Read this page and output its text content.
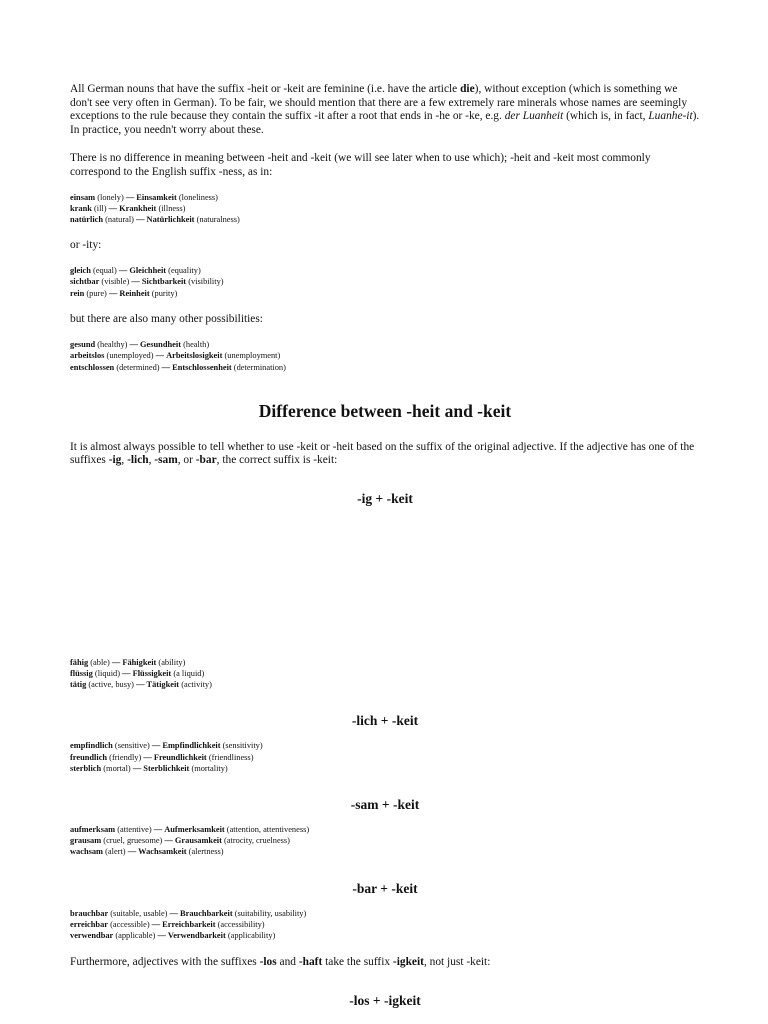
All German nouns that have the suffix -heit or -keit are feminine (i.e. have the article die), without exception (which is something we don't see very often in German). To be fair, we should mention that there are a few extremely rare minerals whose names are seemingly exceptions to the rule because they contain the suffix -it after a root that ends in -he or -ke, e.g. der Luanheit (which is, in fact, Luanhe-it). In practice, you needn't worry about these.

There is no difference in meaning between -heit and -keit (we will see later when to use which); -heit and -keit most commonly correspond to the English suffix -ness, as in:

einsam (lonely) — Einsamkeit (loneliness)
krank (ill) — Krankheit (illness)
natürlich (natural) — Natürlichkeit (naturalness)

or -ity:

gleich (equal) — Gleichheit (equality)
sichtbar (visible) — Sichtbarkeit (visibility)
rein (pure) — Reinheit (purity)

but there are also many other possibilities:

gesund (healthy) — Gesundheit (health)
arbeitslos (unemployed) — Arbeitslosigkeit (unemployment)
entschlossen (determined) — Entschlossenheit (determination)
Difference between -heit and -keit

It is almost always possible to tell whether to use -keit or -heit based on the suffix of the original adjective. If the adjective has one of the suffixes -ig, -lich, -sam, or -bar, the correct suffix is -keit:

-ig + -keit
fähig (able) — Fähigkeit (ability)
flüssig (liquid) — Flüssigkeit (a liquid)
tätig (active, busy) — Tätigkeit (activity)
-lich + -keit
empfindlich (sensitive) — Empfindlichkeit (sensitivity)
freundlich (friendly) — Freundlichkeit (friendliness)
sterblich (mortal) — Sterblichkeit (mortality)
-sam + -keit
aufmerksam (attentive) — Aufmerksamkeit (attention, attentiveness)
grausam (cruel, gruesome) — Grausamkeit (atrocity, cruelness)
wachsam (alert) — Wachsamkeit (alertness)
-bar + -keit
brauchbar (suitable, usable) — Brauchbarkeit (suitability, usability)
erreichbar (accessible) — Erreichbarkeit (accessibility)
verwendbar (applicable) — Verwendbarkeit (applicability)

Furthermore, adjectives with the suffixes -los and -haft take the suffix -igkeit, not just -keit:

-los + -igkeit
